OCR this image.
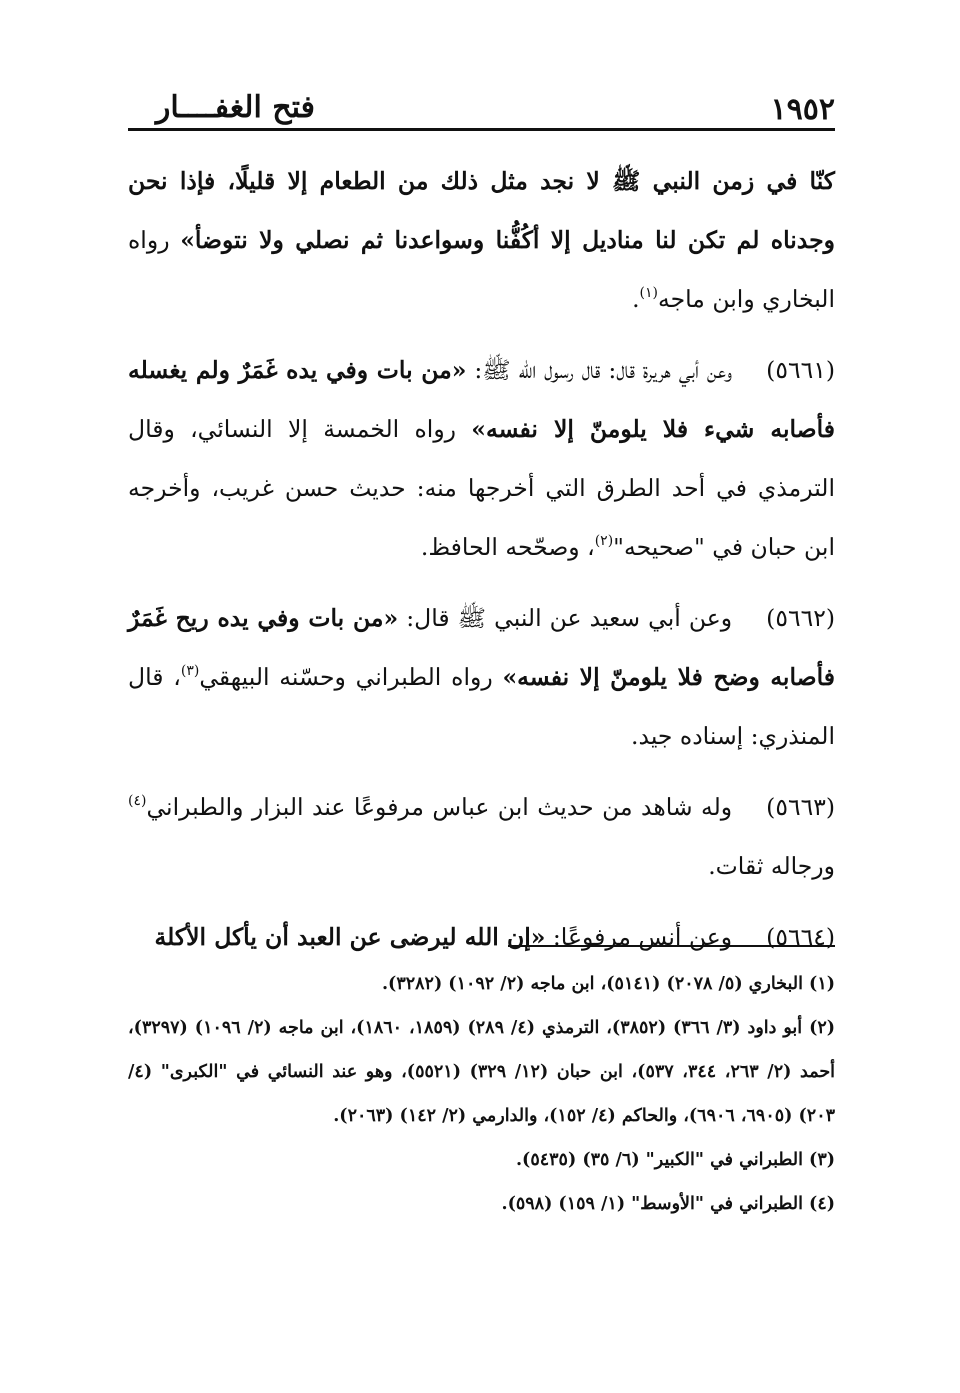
فتح الغفــــار	١٩٥٢

كنّا في زمن النبي ﷺ لا نجد مثل ذلك من الطعام إلا قليلًا، فإذا نحن وجدناه لم تكن لنا مناديل إلا أكُفُّنا وسواعدنا ثم نصلي ولا نتوضأ» رواه البخاري وابن ماجه$^{(١)}$.

(٥٦٦١)وعن أبي هريرة قال: قال رسول الله ﷺ: «من بات وفي يده غَمَرٌ ولم يغسله فأصابه شيء فلا يلومنّ إلا نفسه» رواه الخمسة إلا النسائي، وقال الترمذي في أحد الطرق التي أخرجها منه: حديث حسن غريب، وأخرجه ابن حبان في "صحيحه"$^{(٢)}$، وصحّحه الحافظ.

(٥٦٦٢)وعن أبي سعيد عن النبي ﷺ قال: «من بات وفي يده ريح غَمَرٌ فأصابه وضح فلا يلومنّ إلا نفسه» رواه الطبراني وحسّنه البيهقي$^{(٣)}$، قال المنذري: إسناده جيد.

(٥٦٦٣)وله شاهد من حديث ابن عباس مرفوعًا عند البزار والطبراني$^{(٤)}$ ورجاله ثقات.

(٥٦٦٤)وعن أنس مرفوعًا: «إن الله ليرضى عن العبد أن يأكل الأكلة

(١) البخاري (٥/ ٢٠٧٨) (٥١٤١)، ابن ماجه (٢/ ١٠٩٢) (٣٢٨٢).

(٢) أبو داود (٣/ ٣٦٦) (٣٨٥٢)، الترمذي (٤/ ٢٨٩) (١٨٥٩، ١٨٦٠)، ابن ماجه (٢/ ١٠٩٦) (٣٢٩٧)، أحمد (٢/ ٢٦٣، ٣٤٤، ٥٣٧)، ابن حبان (١٢/ ٣٢٩) (٥٥٢١)، وهو عند النسائي في "الكبرى" (٤/ ٢٠٣) (٦٩٠٥، ٦٩٠٦)، والحاكم (٤/ ١٥٢)، والدارمي (٢/ ١٤٢) (٢٠٦٣).

(٣) الطبراني في "الكبير" (٦/ ٣٥) (٥٤٣٥).

(٤) الطبراني في "الأوسط" (١/ ١٥٩) (٥٩٨).
